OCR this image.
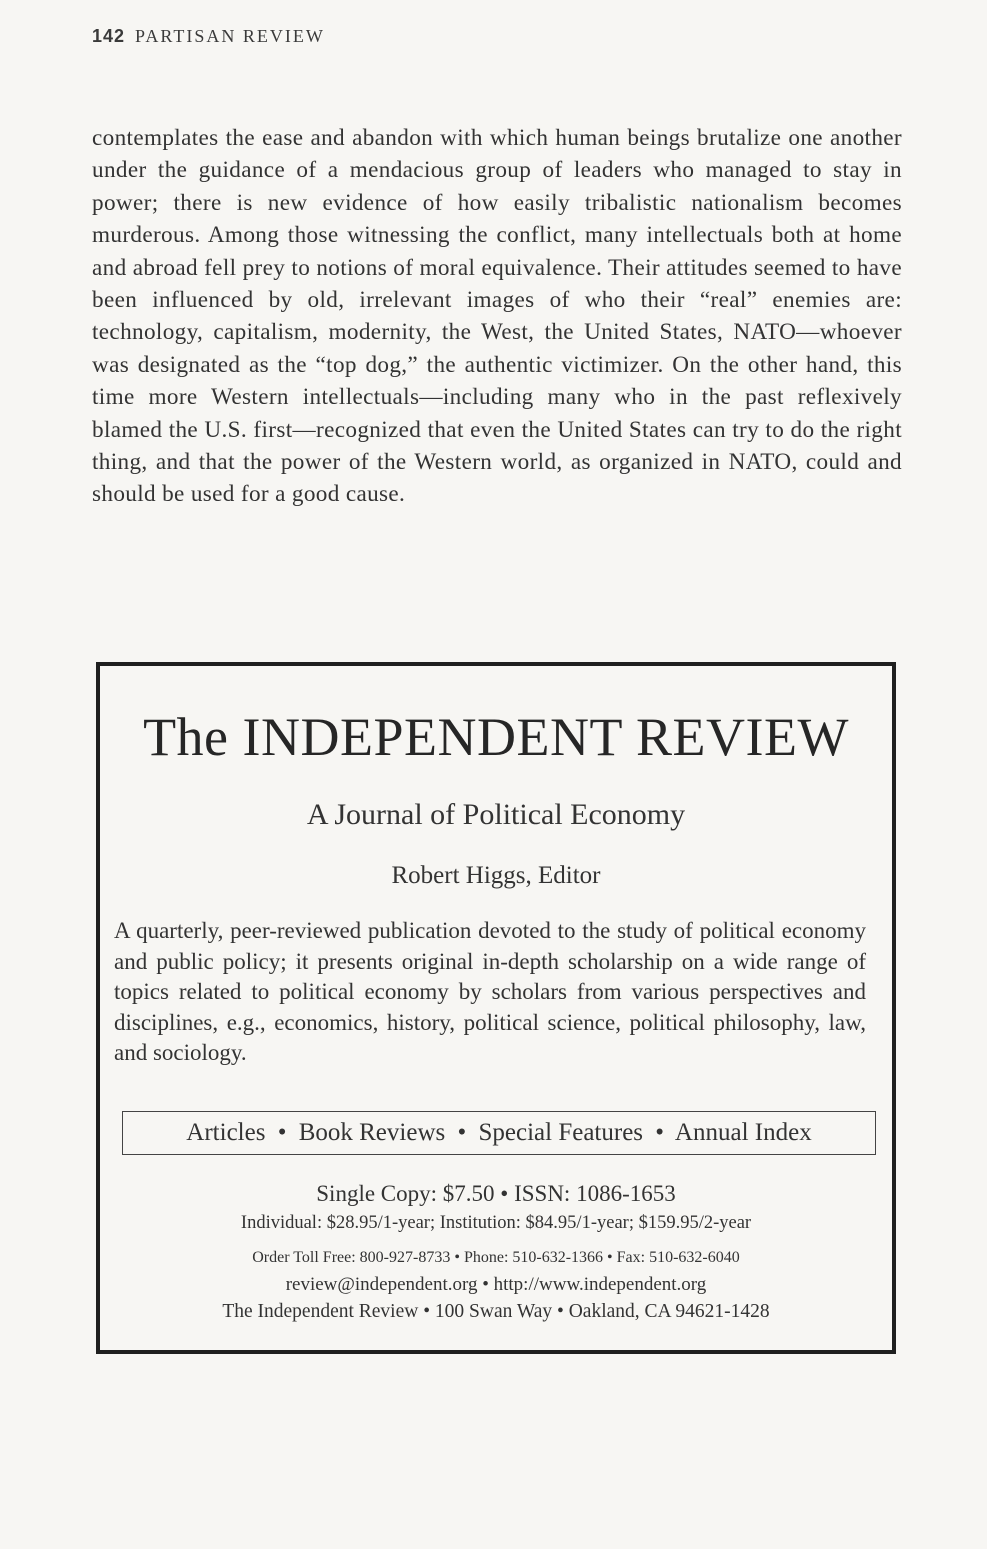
142 PARTISAN REVIEW
contemplates the ease and abandon with which human beings brutalize one another under the guidance of a mendacious group of leaders who managed to stay in power; there is new evidence of how easily tribalistic nationalism becomes murderous. Among those witnessing the conflict, many intellectuals both at home and abroad fell prey to notions of moral equivalence. Their attitudes seemed to have been influenced by old, irrelevant images of who their “real” enemies are: technology, capitalism, modernity, the West, the United States, NATO—whoever was designated as the “top dog,” the authentic victimizer. On the other hand, this time more Western intellectuals—including many who in the past reflexively blamed the U.S. first—recognized that even the United States can try to do the right thing, and that the power of the Western world, as organized in NATO, could and should be used for a good cause.
The INDEPENDENT REVIEW
A Journal of Political Economy
Robert Higgs, Editor
A quarterly, peer-reviewed publication devoted to the study of political economy and public policy; it presents original in-depth scholarship on a wide range of topics related to political economy by scholars from various perspectives and disciplines, e.g., economics, history, political science, political philosophy, law, and sociology.
Articles • Book Reviews • Special Features • Annual Index
Single Copy: $7.50 • ISSN: 1086-1653
Individual: $28.95/1-year; Institution: $84.95/1-year; $159.95/2-year
Order Toll Free: 800-927-8733 • Phone: 510-632-1366 • Fax: 510-632-6040
review@independent.org • http://www.independent.org
The Independent Review • 100 Swan Way • Oakland, CA 94621-1428
